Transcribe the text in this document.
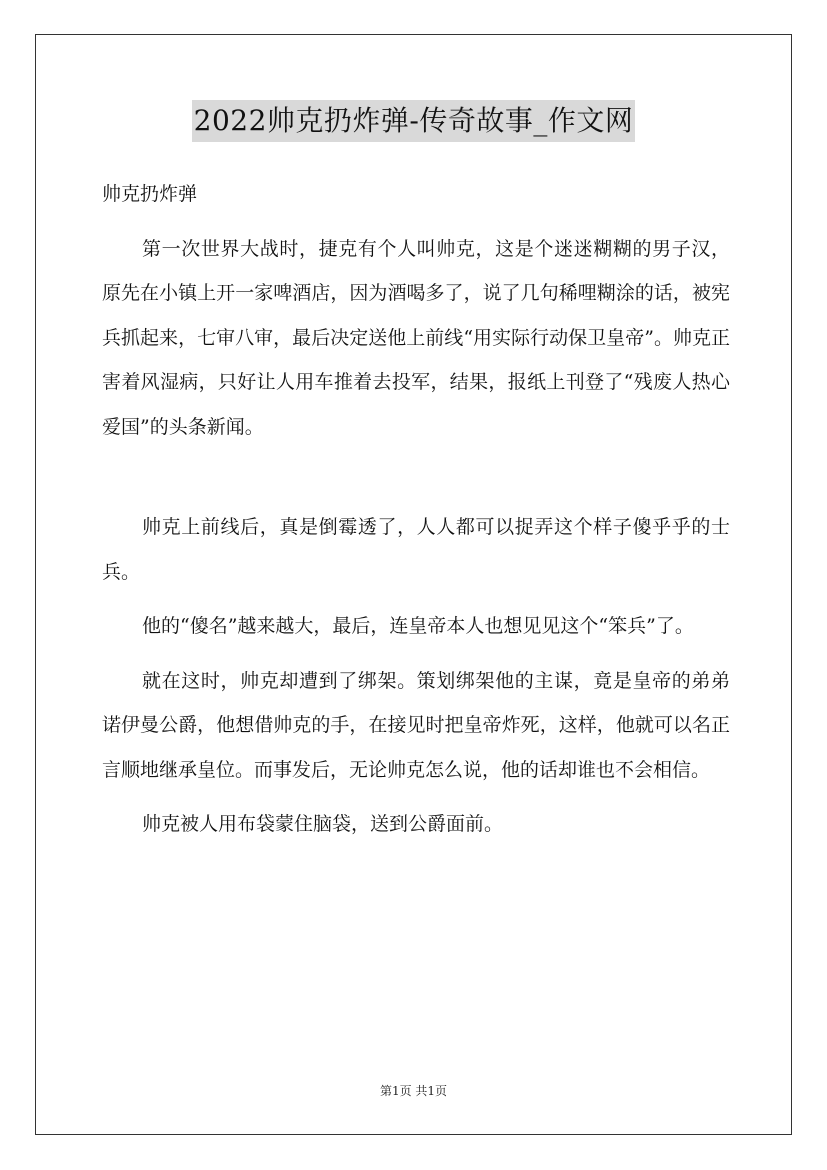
2022帅克扔炸弹-传奇故事_作文网

帅克扔炸弹

第一次世界大战时，捷克有个人叫帅克，这是个迷迷糊糊的男子汉，原先在小镇上开一家啤酒店，因为酒喝多了，说了几句稀哩糊涂的话，被宪兵抓起来，七审八审，最后决定送他上前线“用实际行动保卫皇帝”。帅克正害着风湿病，只好让人用车推着去投军，结果，报纸上刊登了“残废人热心爱国”的头条新闻。

帅克上前线后，真是倒霉透了，人人都可以捉弄这个样子傻乎乎的士兵。

他的“傻名”越来越大，最后，连皇帝本人也想见见这个“笨兵”了。

就在这时，帅克却遭到了绑架。策划绑架他的主谋，竟是皇帝的弟弟诺伊曼公爵，他想借帅克的手，在接见时把皇帝炸死，这样，他就可以名正言顺地继承皇位。而事发后，无论帅克怎么说，他的话却谁也不会相信。

帅克被人用布袋蒙住脑袋，送到公爵面前。

第1页 共1页
